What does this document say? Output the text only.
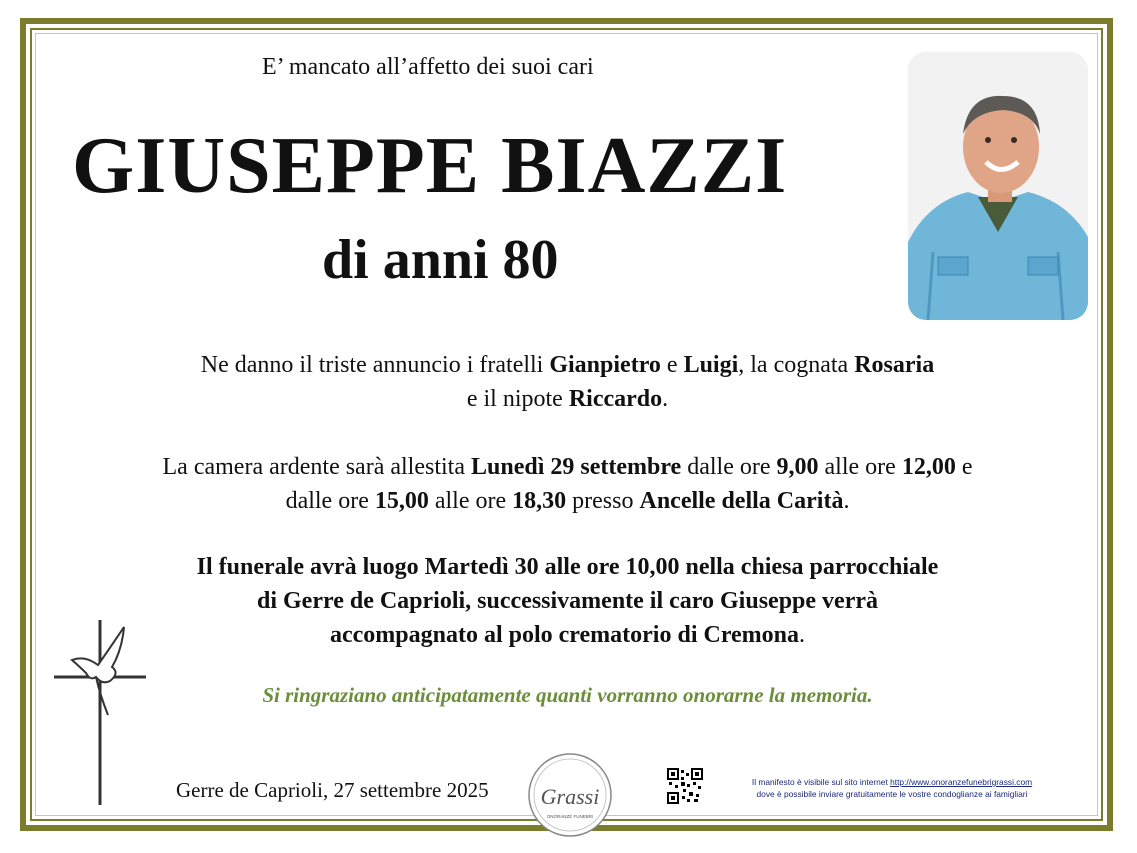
E’ mancato all’affetto dei suoi cari
GIUSEPPE BIAZZI
di anni 80
Ne danno il triste annuncio i fratelli Gianpietro e Luigi, la cognata Rosaria
e il nipote Riccardo.
La camera ardente sarà allestita Lunedì 29 settembre dalle ore 9,00 alle ore 12,00 e
dalle ore 15,00 alle ore 18,30 presso Ancelle della Carità.
Il funerale avrà luogo Martedì 30 alle ore 10,00 nella chiesa parrocchiale
di Gerre de Caprioli, successivamente il caro Giuseppe verrà
accompagnato al polo crematorio di Cremona.
Si ringraziano anticipatamente quanti vorranno onorarne la memoria.
Gerre de Caprioli, 27 settembre 2025 Grassi
ONORANZE FUNEBRI
Il manifesto è visibile sul sito internet http://www.onoranzefunebrigrassi.com
dove è possibile inviare gratuitamente le vostre condoglianze ai famigliari
